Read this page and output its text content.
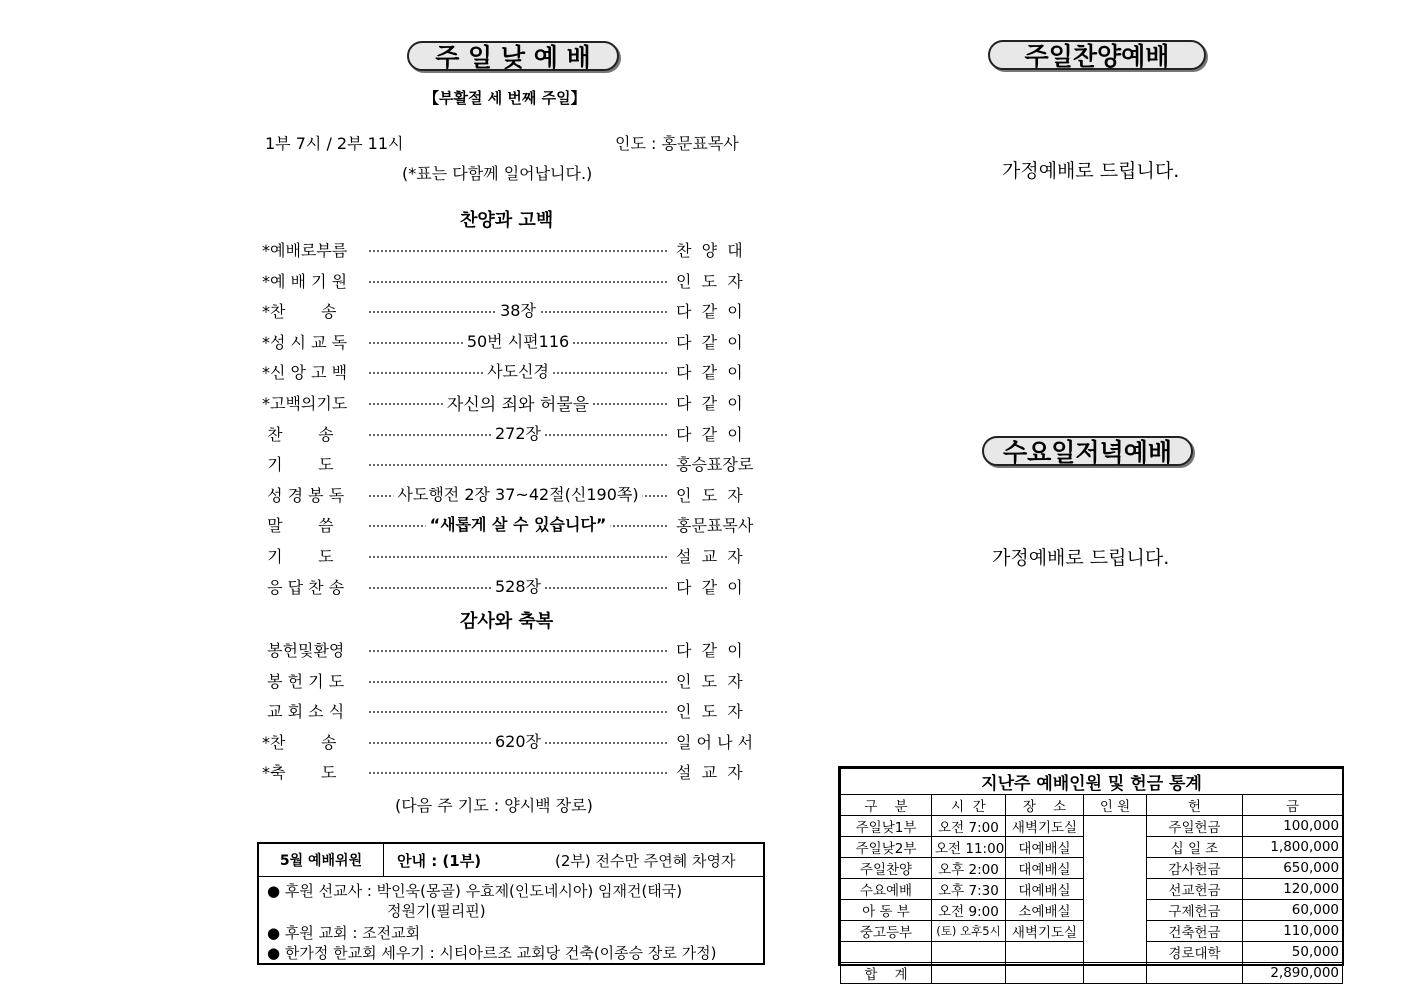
주 일 낮 예 배
【부활절 세 번째 주일】
1부 7시 / 2부 11시	인도 : 홍문표목사
(*표는 다함께 일어납니다.)
찬양과 고백
*예배로부름	찬  양  대
*예 배 기 원	인  도  자
*찬       송	38장	다  같  이
*성 시 교 독	50번 시편116	다  같  이
*신 앙 고 백	사도신경	다  같  이
*고백의기도	자신의 죄와 허물을	다  같  이
찬       송	272장	다  같  이
기       도	홍승표장로
성 경 봉 독	사도행전 2장 37~42절(신190쪽) 인  도  자
말       씀	“새롭게 살 수 있습니다”	홍문표목사
기       도	설  교  자
응 답 찬 송	528장	다  같  이
감사와 축복
봉헌및환영	다  같  이
봉 헌 기 도	인  도  자
교 회 소 식	인  도  자
*찬       송	620장	일 어 나 서
*축       도	설  교  자
(다음 주 기도 : 양시백 장로)
5월 예배위원	안내 : (1부)	(2부) 전수만 주연혜 차영자
● 후원 선교사 : 박인욱(몽골) 우효제(인도네시아) 임재건(태국)
정원기(필리핀)
● 후원 교회 : 조전교회
● 한가정 한교회 세우기 : 시티아르조 교회당 건축(이종승 장로 가정)
주일찬양예배
가정예배로 드립니다.
수요일저녁예배
가정예배로 드립니다.
지난주 예배인원 및 헌금 통계					
구    분	시  간	장    소	인 원	헌	금
주일낮1부	오전 7:00	새벽기도실		주일헌금	100,000
주일낮2부	오전 11:00	대예배실		십 일 조	1,800,000
주일찬양	오후 2:00	대예배실		감사헌금	650,000
수요예배	오후 7:30	대예배실		선교헌금	120,000
아 동 부	오전 9:00	소예배실		구제헌금	60,000
중고등부	(토) 오후5시	새벽기도실		건축헌금	110,000
				경로대학	50,000
합    계					2,890,000
